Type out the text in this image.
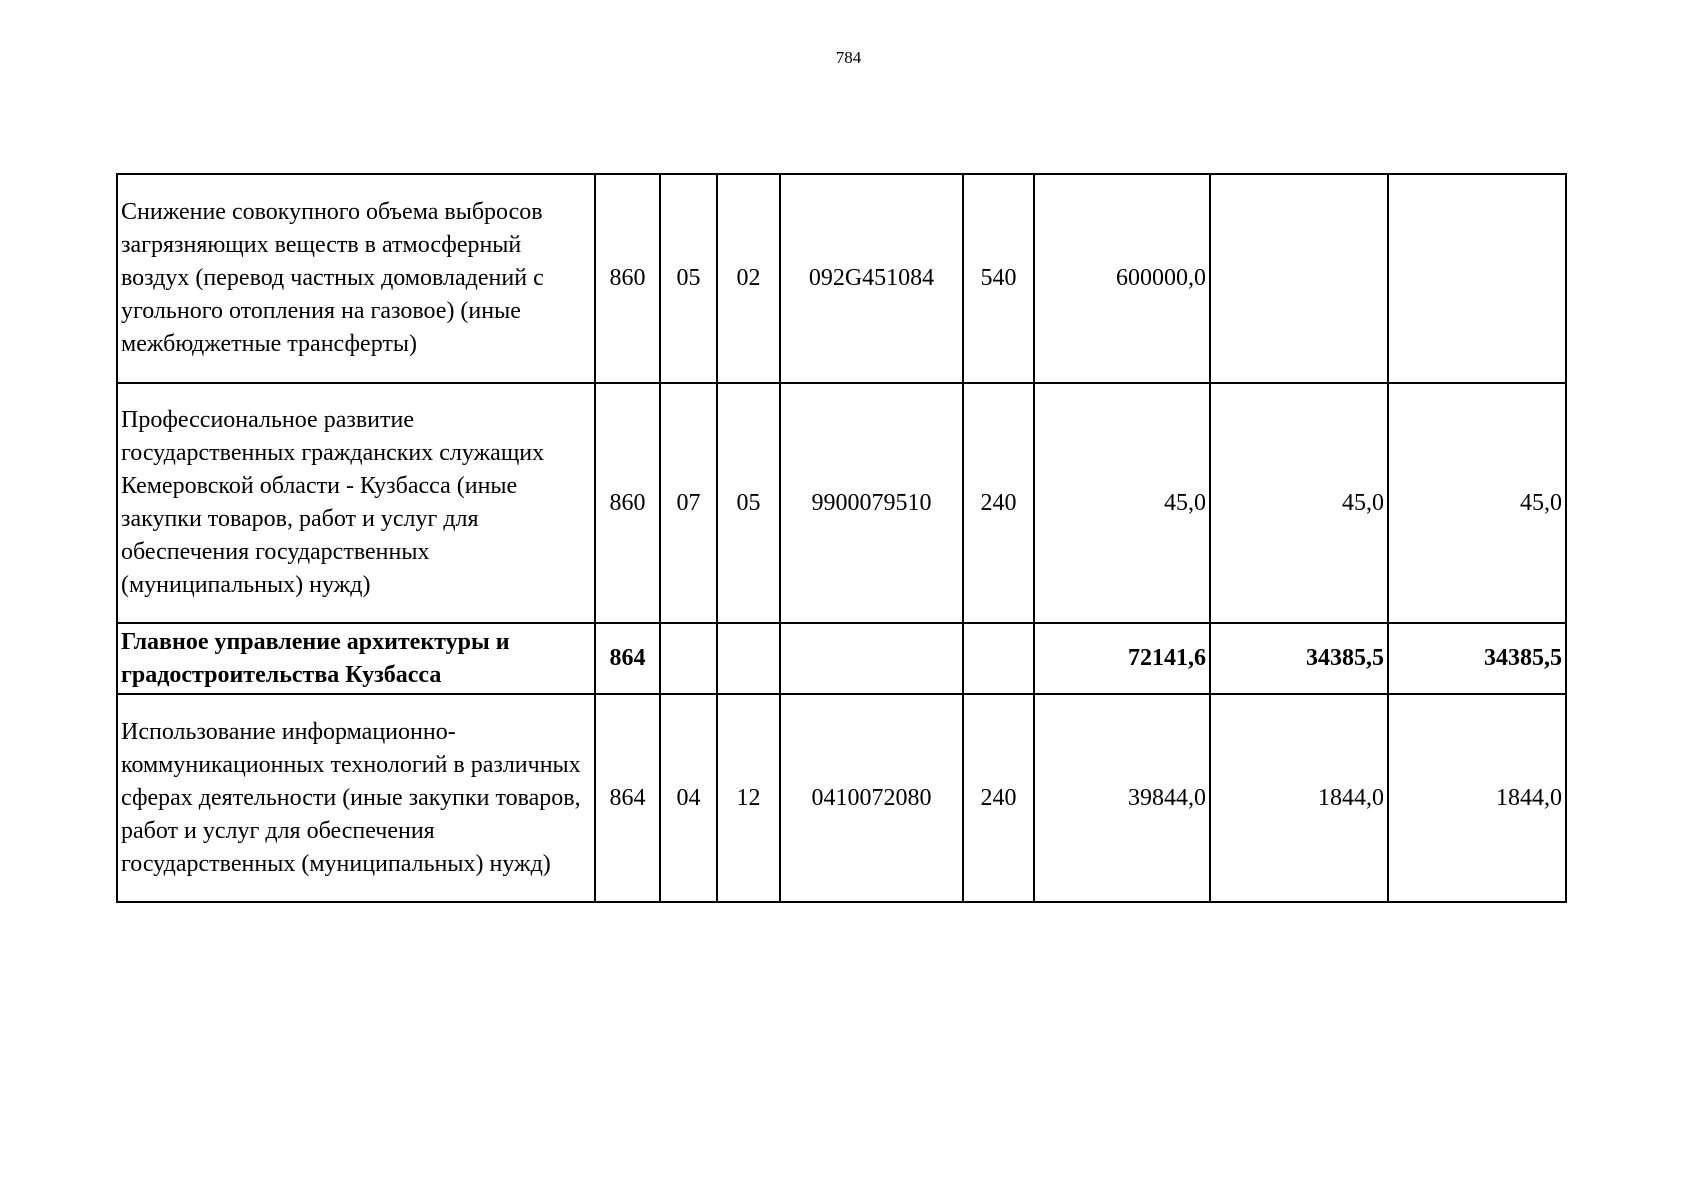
784
Снижение совокупного объема выбросов загрязняющих веществ в атмосферный воздух (перевод частных домовладений с угольного отопления на газовое) (иные межбюджетные трансферты)	860	05	02	092G451084	540	600000,0		
Профессиональное развитие государственных гражданских служащих Кемеровской области - Кузбасса (иные закупки товаров, работ и услуг для обеспечения государственных (муниципальных) нужд)	860	07	05	9900079510	240	45,0	45,0	45,0
Главное управление архитектуры и градостроительства Кузбасса	864					72141,6	34385,5	34385,5
Использование информационно-коммуникационных технологий в различных сферах деятельности (иные закупки товаров, работ и услуг для обеспечения государственных (муниципальных) нужд)	864	04	12	0410072080	240	39844,0	1844,0	1844,0
